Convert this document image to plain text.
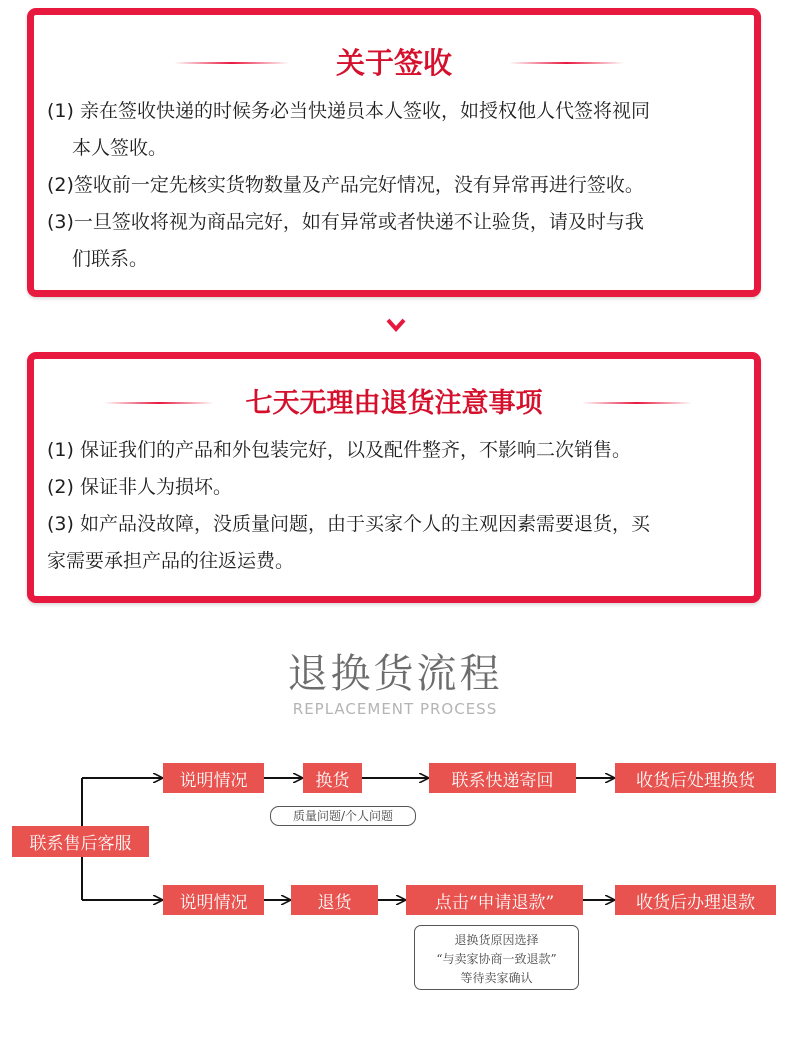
关于签收

(1) 亲在签收快递的时候务必当快递员本人签收，如授权他人代签将视同

本人签收。

(2)签收前一定先核实货物数量及产品完好情况，没有异常再进行签收。

(3)一旦签收将视为商品完好，如有异常或者快递不让验货，请及时与我

们联系。

七天无理由退货注意事项

(1) 保证我们的产品和外包装完好，以及配件整齐，不影响二次销售。

(2) 保证非人为损坏。

(3) 如产品没故障，没质量问题，由于买家个人的主观因素需要退货，买

家需要承担产品的往返运费。

退换货流程
REPLACEMENT PROCESS
联系售后客服
说明情况	换货	联系快递寄回	收货后处理换货
质量问题/个人问题
说明情况	退货	点击“申请退款”	收货后办理退款
退换货原因选择
“与卖家协商一致退款”
等待卖家确认
